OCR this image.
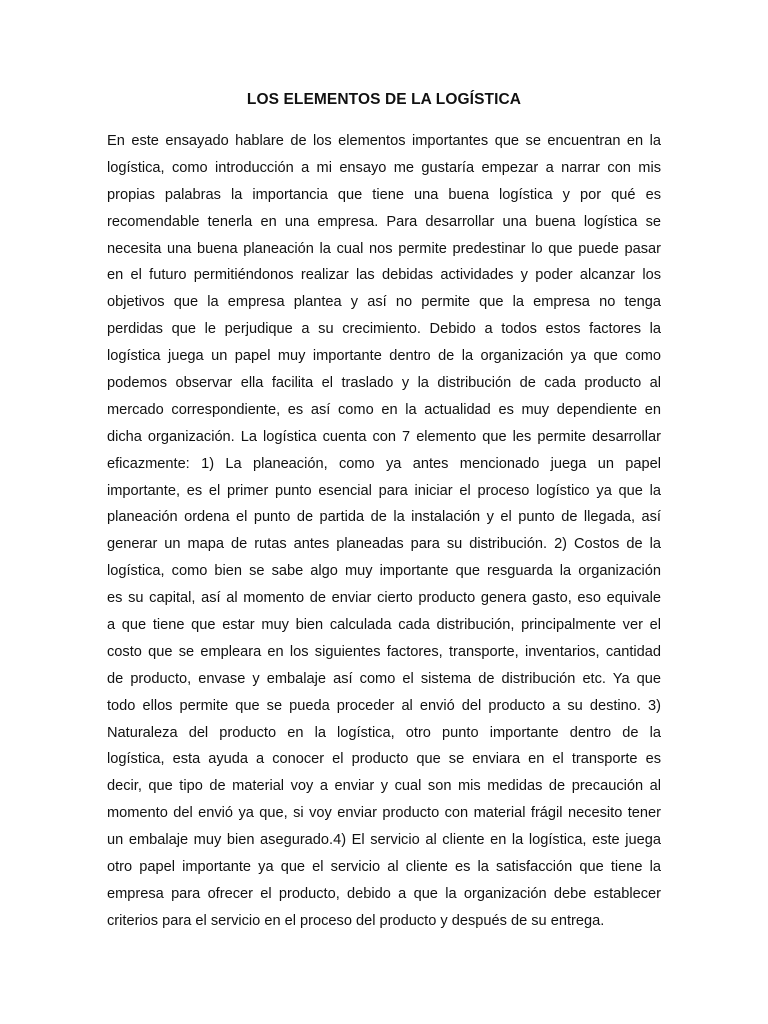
LOS ELEMENTOS DE LA LOGÍSTICA
En este ensayado hablare de los elementos importantes que se encuentran en la
logística, como introducción a mi ensayo me gustaría empezar a narrar con mis
propias palabras la importancia que tiene una buena logística y por qué es
recomendable tenerla en una empresa. Para desarrollar una buena logística se
necesita una buena planeación la cual nos permite predestinar lo que puede pasar
en el futuro permitiéndonos realizar las debidas actividades y poder alcanzar los
objetivos que la empresa plantea y así no permite que la empresa no tenga
perdidas que le perjudique a su crecimiento. Debido a todos estos factores la
logística juega un papel muy importante dentro de la organización ya que como
podemos observar ella facilita el traslado y la distribución de cada producto al
mercado correspondiente, es así como en la actualidad es muy dependiente en
dicha organización. La logística cuenta con 7 elemento que les permite desarrollar
eficazmente: 1) La planeación, como ya antes mencionado juega un papel
importante, es el primer punto esencial para iniciar el proceso logístico ya que la
planeación ordena el punto de partida de la instalación y el punto de llegada, así
generar un mapa de rutas antes planeadas para su distribución. 2) Costos de la
logística, como bien se sabe algo muy importante que resguarda la organización
es su capital, así al momento de enviar cierto producto genera gasto, eso equivale
a que tiene que estar muy bien calculada cada distribución, principalmente ver el
costo que se empleara en los siguientes factores, transporte, inventarios, cantidad
de producto, envase y embalaje así como el sistema de distribución etc. Ya que
todo ellos permite que se pueda proceder al envió del producto a su destino. 3)
Naturaleza del producto en la logística, otro punto importante dentro de la
logística, esta ayuda a conocer el producto que se enviara en el transporte es
decir, que tipo de material voy a enviar y cual son mis medidas de precaución al
momento del envió ya que, si voy enviar producto con material frágil necesito tener
un embalaje muy bien asegurado.4) El servicio al cliente en la logística, este juega
otro papel importante ya que el servicio al cliente es la satisfacción que tiene la
empresa para ofrecer el producto, debido a que la organización debe establecer
criterios para el servicio en el proceso del producto y después de su entrega.
